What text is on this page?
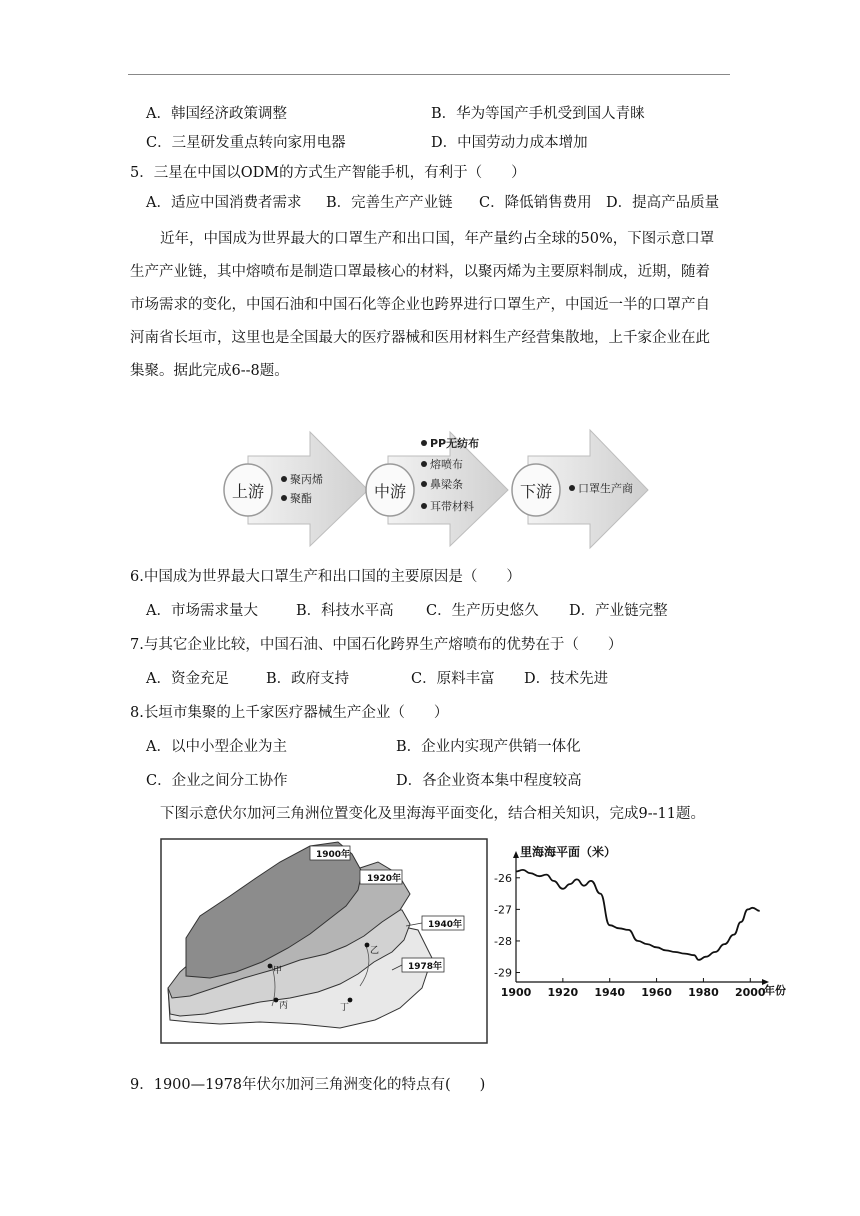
A．韩国经济政策调整	B．华为等国产手机受到国人青睐
C．三星研发重点转向家用电器	D．中国劳动力成本增加
5．三星在中国以ODM的方式生产智能手机，有利于（　　）
A．适应中国消费者需求 B．完善生产产业链 C．降低销售费用 D．提高产品质量
近年，中国成为世界最大的口罩生产和出口国，年产量约占全球的50%，下图示意口罩
生产产业链，其中熔喷布是制造口罩最核心的材料，以聚丙烯为主要原料制成，近期，随着
市场需求的变化，中国石油和中国石化等企业也跨界进行口罩生产，中国近一半的口罩产自
河南省长垣市，这里也是全国最大的医疗器械和医用材料生产经营集散地，上千家企业在此
集聚。据此完成6--8题。
上游	中游	下游
聚丙烯
聚酯
PP无纺布
熔喷布
鼻梁条
耳带材料
口罩生产商
6.中国成为世界最大口罩生产和出口国的主要原因是（　　）
A．市场需求量大	B．科技水平高 C．生产历史悠久 D．产业链完整
7.与其它企业比较，中国石油、中国石化跨界生产熔喷布的优势在于（　　）
A．资金充足	B．政府支持	C．原料丰富 D．技术先进
8.长垣市集聚的上千家医疗器械生产企业（　　）
A．以中小型企业为主	B．企业内实现产供销一体化
C．企业之间分工协作	D．各企业资本集中程度较高
下图示意伏尔加河三角洲位置变化及里海海平面变化，结合相关知识，完成9--11题。
甲
乙
丙	丁
1900年
1920年
1940年
1978年
里海海平面（米）
-26
-27
-28
-29
1900 1920 1940 1960 1980 2000
年份
9．1900—1978年伏尔加河三角洲变化的特点有(　　)
